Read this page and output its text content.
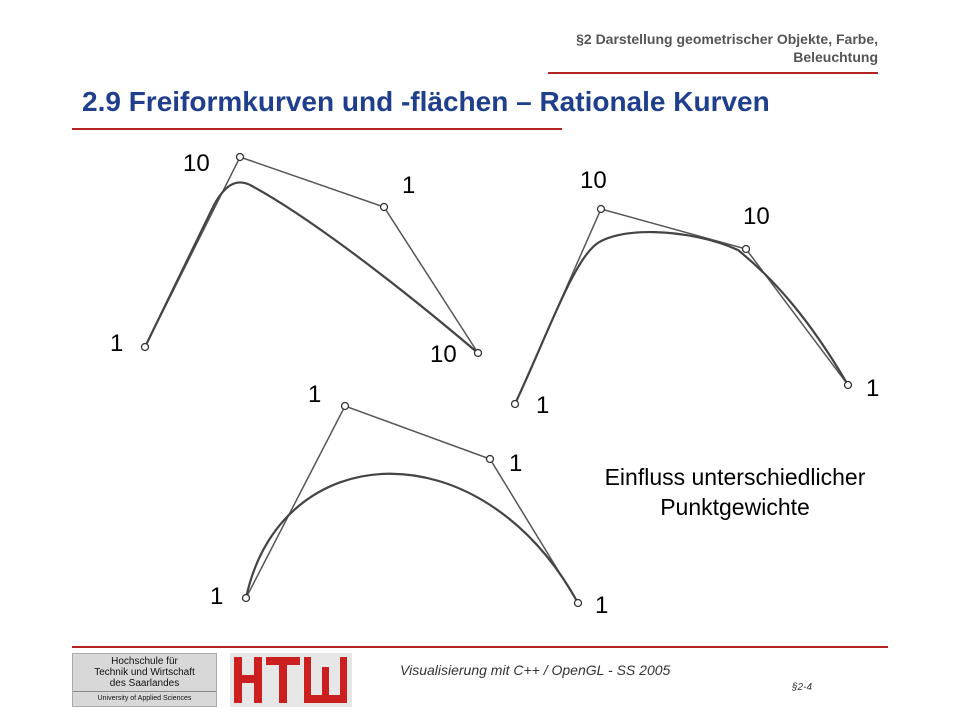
§2 Darstellung geometrischer Objekte, Farbe,
Beleuchtung
2.9 Freiformkurven und -flächen – Rationale Kurven
1
10
1
10
1
10
10
1
1
1
1
1
Einfluss unterschiedlicher
Punktgewichte
Hochschule für
Technik und Wirtschaft
des Saarlandes
University of Applied Sciences
Visualisierung mit C++ / OpenGL - SS 2005
§2-4
